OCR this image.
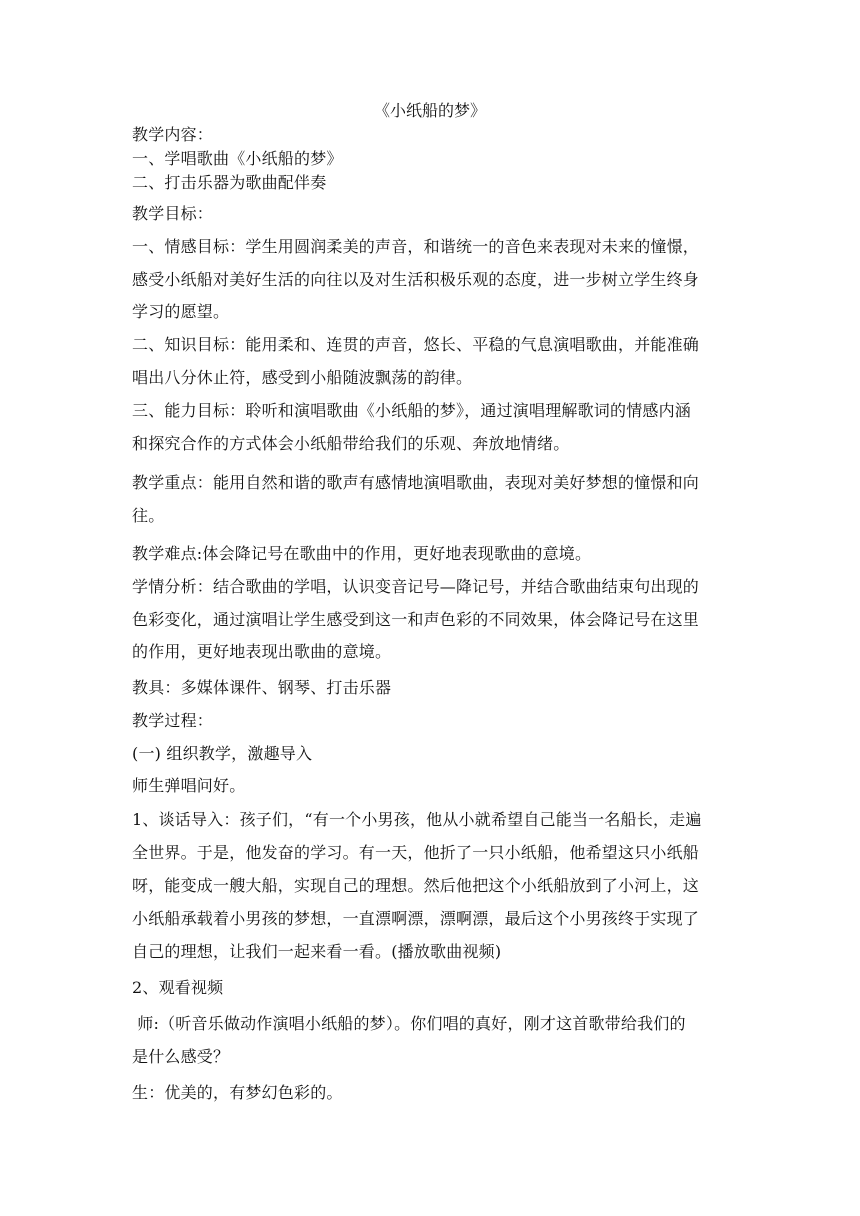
《小纸船的梦》
教学内容：
一、学唱歌曲《小纸船的梦》
二、打击乐器为歌曲配伴奏
教学目标：
一、情感目标：学生用圆润柔美的声音，和谐统一的音色来表现对未来的憧憬，
感受小纸船对美好生活的向往以及对生活积极乐观的态度，进一步树立学生终身
学习的愿望。
二、知识目标：能用柔和、连贯的声音，悠长、平稳的气息演唱歌曲，并能准确
唱出八分休止符，感受到小船随波飘荡的韵律。
三、能力目标：聆听和演唱歌曲《小纸船的梦》，通过演唱理解歌词的情感内涵
和探究合作的方式体会小纸船带给我们的乐观、奔放地情绪。
教学重点：能用自然和谐的歌声有感情地演唱歌曲，表现对美好梦想的憧憬和向
往。
教学难点:体会降记号在歌曲中的作用，更好地表现歌曲的意境。
学情分析：结合歌曲的学唱，认识变音记号—降记号，并结合歌曲结束句出现的
色彩变化，通过演唱让学生感受到这一和声色彩的不同效果，体会降记号在这里
的作用，更好地表现出歌曲的意境。
教具：多媒体课件、钢琴、打击乐器
教学过程：
(一) 组织教学，激趣导入
师生弹唱问好。
1、谈话导入：孩子们，“有一个小男孩，他从小就希望自己能当一名船长，走遍
全世界。于是，他发奋的学习。有一天，他折了一只小纸船，他希望这只小纸船
呀，能变成一艘大船，实现自己的理想。然后他把这个小纸船放到了小河上，这
小纸船承载着小男孩的梦想，一直漂啊漂，漂啊漂，最后这个小男孩终于实现了
自己的理想，让我们一起来看一看。(播放歌曲视频)
2、观看视频
师:（听音乐做动作演唱小纸船的梦）。你们唱的真好，刚才这首歌带给我们的
是什么感受？
生：优美的，有梦幻色彩的。
